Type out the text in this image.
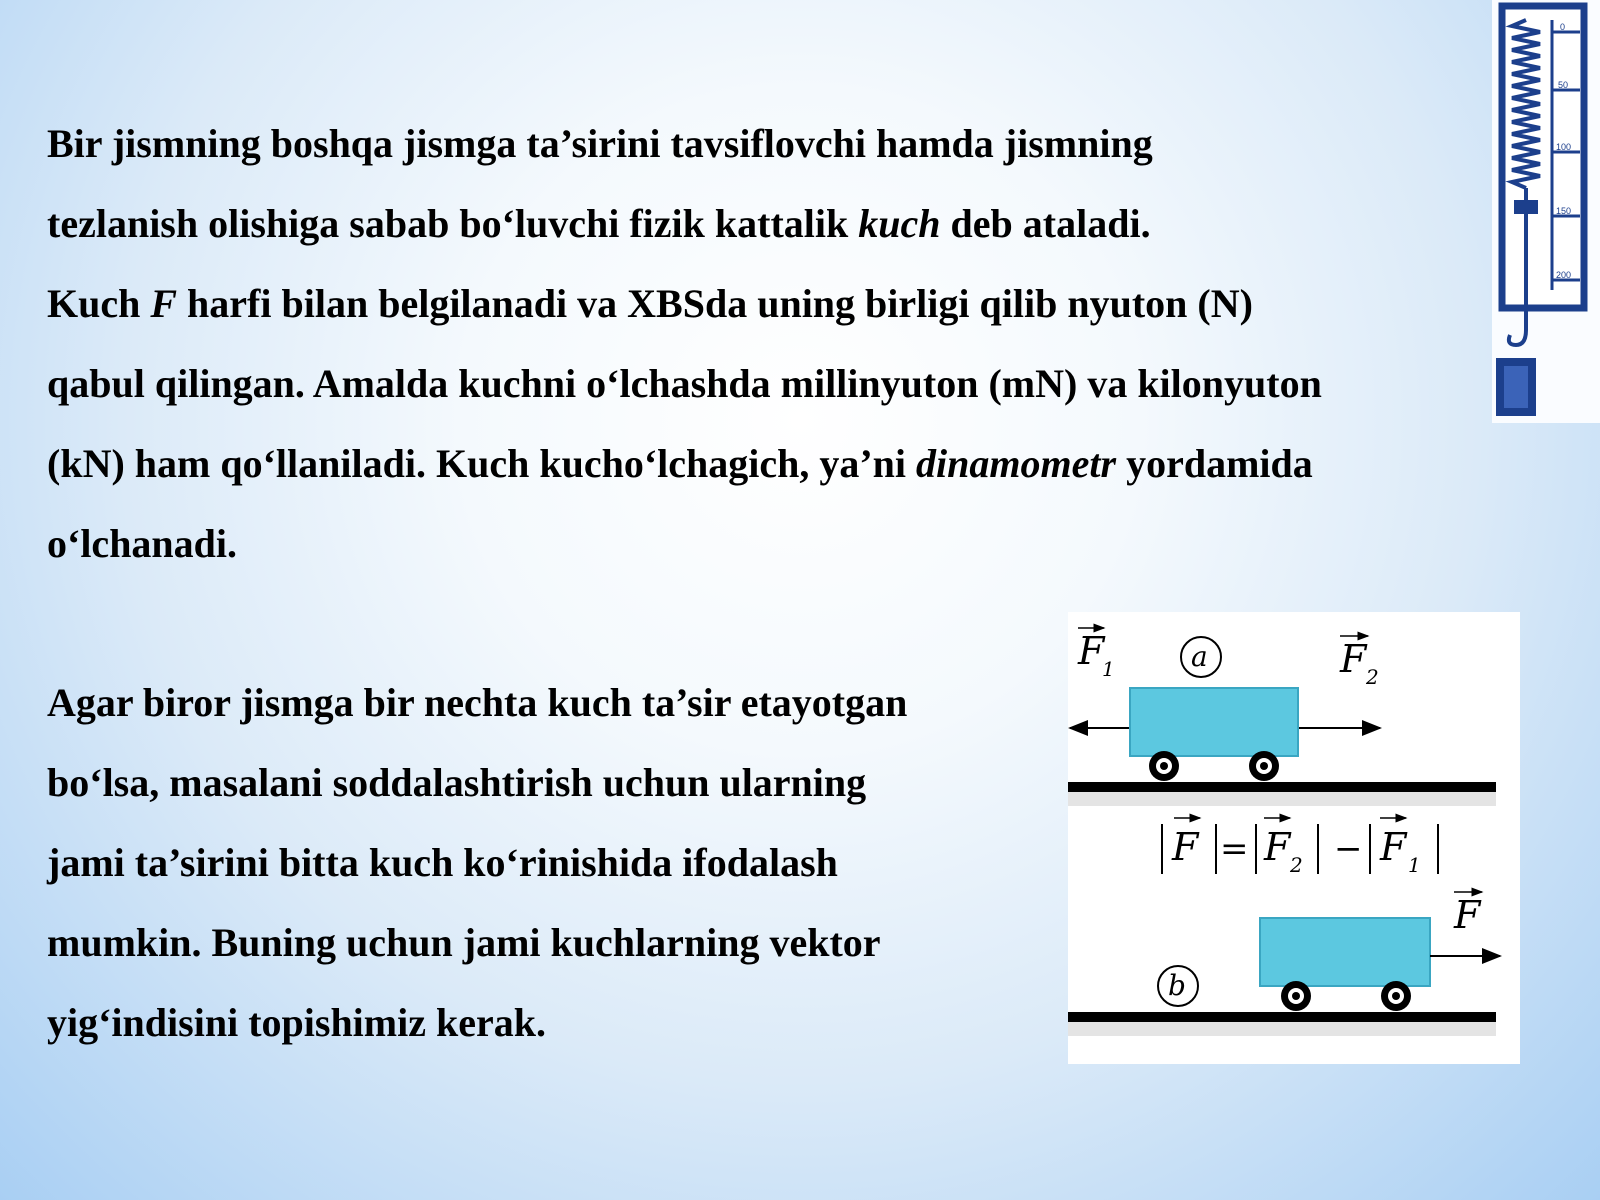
Bir jismning boshqa jismga ta’sirini tavsiflovchi hamda jismning
tezlanish olishiga sabab bo‘luvchi fizik kattalik kuch deb ataladi.
Kuch F harfi bilan belgilanadi va XBSda uning birligi qilib nyuton (N)
qabul qilingan. Amalda kuchni o‘lchashda millinyuton (mN) va kilonyuton
(kN) ham qo‘llaniladi. Kuch kucho‘lchagich, ya’ni dinamometr yordamida
o‘lchanadi.
Agar biror jismga bir nechta kuch ta’sir etayotgan
bo‘lsa, masalani soddalashtirish uchun ularning
jami ta’sirini bitta kuch ko‘rinishida ifodalash
mumkin. Buning uchun jami kuchlarning vektor
yig‘indisini topishimiz kerak.
0
50
100
150
200
F
1	a	F 2
F = F 2 − F 1
F
b
